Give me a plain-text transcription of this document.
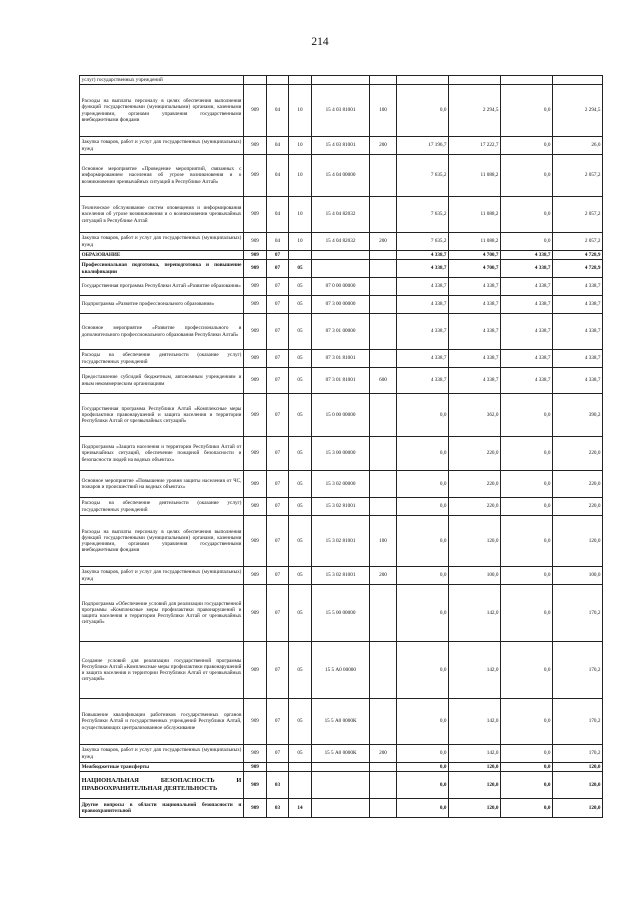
214
услуг) государственных учреждений									
Расходы на выплаты персоналу в целях обеспечения выполнения функций государственными (муниципальными) органами, казенными учреждениями, органами управления государственными внебюджетными фондами	909	04	10	15 4 03 81001	100	0,0	2 294,5	0,0	2 294,5
Закупка товаров, работ и услуг для государственных (муниципальных) нужд	909	04	10	15 4 03 81001	200	17 196,7	17 222,7	0,0	26,0
Основное мероприятие «Проведение мероприятий, связанных с информированием населения об угрозе возникновения и о возникновении чрезвычайных ситуаций в Республике Алтай»	909	04	10	15 4 04 00000		7 635,2	11 088,2	0,0	2 057,2
Техническое обслуживание систем оповещения и информирования населения об угрозе возникновения и о возникновении чрезвычайных ситуаций в Республике Алтай	909	04	10	15 4 04 82032		7 635,2	11 088,2	0,0	2 057,2
Закупка товаров, работ и услуг для государственных (муниципальных) нужд	909	04	10	15 4 04 82032	200	7 635,2	11 088,2	0,0	2 057,2
ОБРАЗОВАНИЕ	909	07				4 338,7	4 700,7	4 338,7	4 728,9
Профессиональная подготовка, переподготовка и повышение квалификации	909	07	05			4 338,7	4 700,7	4 338,7	4 728,9
Государственная программа Республики Алтай «Развитие образования»	909	07	05	07 0 00 00000		4 338,7	4 338,7	4 338,7	4 338,7
Подпрограмма «Развитие профессионального образования»	909	07	05	07 3 00 00000		4 338,7	4 338,7	4 338,7	4 338,7
Основное мероприятие «Развитие профессионального и дополнительного профессионального образования Республики Алтай»	909	07	05	07 3 01 00000		4 338,7	4 338,7	4 338,7	4 338,7
Расходы на обеспечение деятельности (оказание услуг) государственных учреждений	909	07	05	07 3 01 81001		4 338,7	4 338,7	4 338,7	4 338,7
Предоставление субсидий бюджетным, автономным учреждениям и иным некоммерческим организациям	909	07	05	07 3 01 81001	600	4 338,7	4 338,7	4 338,7	4 338,7
Государственная программа Республики Алтай «Комплексные меры профилактики правонарушений и защита населения и территории Республики Алтай от чрезвычайных ситуаций»	909	07	05	15 0 00 00000		0,0	362,0	0,0	390,2
Подпрограмма «Защита населения и территории Республики Алтай от чрезвычайных ситуаций, обеспечение пожарной безопасности и безопасности людей на водных объектах»	909	07	05	15 3 00 00000		0,0	220,0	0,0	220,0
Основное мероприятие «Повышение уровня защиты населения от ЧС, пожаров и происшествий на водных объектах»	909	07	05	15 3 02 00000		0,0	220,0	0,0	220,0
Расходы на обеспечение деятельности (оказание услуг) государственных учреждений	909	07	05	15 3 02 81001		0,0	220,0	0,0	220,0
Расходы на выплаты персоналу в целях обеспечения выполнения функций государственными (муниципальными) органами, казенными учреждениями, органами управления государственными внебюджетными фондами	909	07	05	15 3 02 81001	100	0,0	120,0	0,0	120,0
Закупка товаров, работ и услуг для государственных (муниципальных) нужд	909	07	05	15 3 02 81001	200	0,0	100,0	0,0	100,0
Подпрограмма «Обеспечение условий для реализации государственной программы «Комплексные меры профилактики правонарушений и защита населения и территории Республики Алтай от чрезвычайных ситуаций»	909	07	05	15 5 00 00000		0,0	142,0	0,0	170,2
Создание условий для реализации государственной программы Республики Алтай «Комплексные меры профилактики правонарушений и защита населения и территории Республики Алтай от чрезвычайных ситуаций»	909	07	05	15 5 А0 00000		0,0	142,0	0,0	170,2
Повышение квалификации работников государственных органов Республики Алтай и государственных учреждений Республики Алтай, осуществляющих централизованное обслуживание	909	07	05	15 5 А0 0000К		0,0	142,0	0,0	170,2
Закупка товаров, работ и услуг для государственных (муниципальных) нужд	909	07	05	15 5 А0 0000К	200	0,0	142,0	0,0	170,2
Межбюджетные трансферты	909					0,0	120,0	0,0	120,0
НАЦИОНАЛЬНАЯ БЕЗОПАСНОСТЬ И ПРАВООХРАНИТЕЛЬНАЯ ДЕЯТЕЛЬНОСТЬ	909	03				0,0	120,0	0,0	120,0
Другие вопросы в области национальной безопасности и правоохранительной	909	03	14			0,0	120,0	0,0	120,0
